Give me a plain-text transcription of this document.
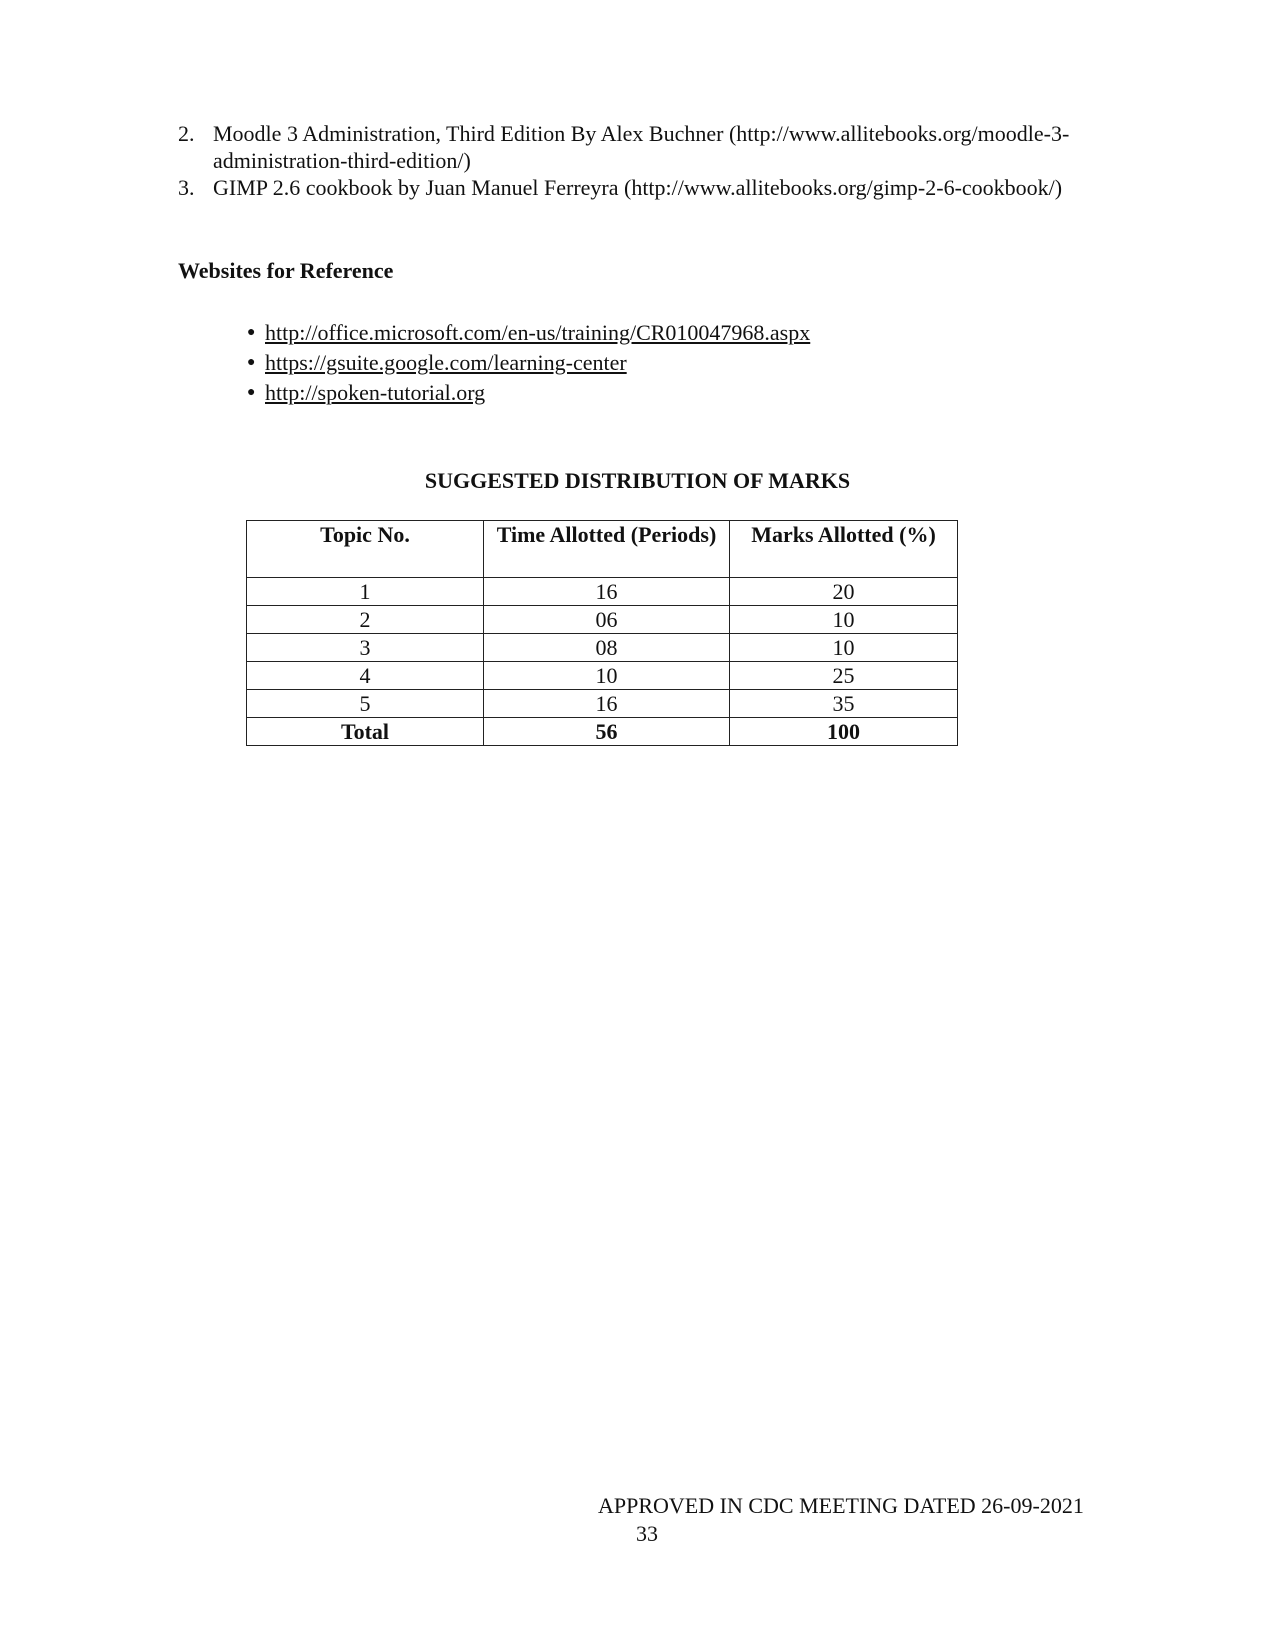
2. Moodle 3 Administration, Third Edition By Alex Buchner (http://www.allitebooks.org/moodle-3-administration-third-edition/)
3. GIMP 2.6 cookbook by Juan Manuel Ferreyra (http://www.allitebooks.org/gimp-2-6-cookbook/)
Websites for Reference
● http://office.microsoft.com/en-us/training/CR010047968.aspx
● https://gsuite.google.com/learning-center
● http://spoken-tutorial.org
SUGGESTED DISTRIBUTION OF MARKS
Topic No.	Time Allotted (Periods)	Marks Allotted (%)
1	16	20
2	06	10
3	08	10
4	10	25
5	16	35
Total	56	100

APPROVED IN CDC MEETING DATED 26-09-2021

33
